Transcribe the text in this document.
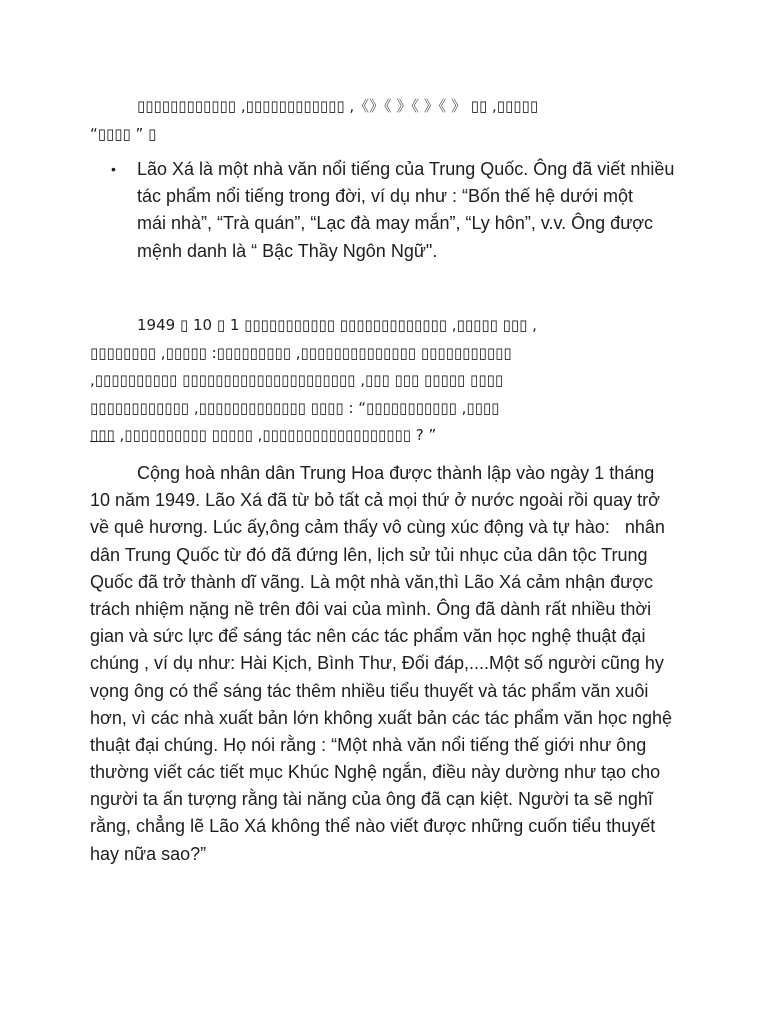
▯▯▯▯▯▯▯▯▯▯▯▯ ,▯▯▯▯▯▯▯▯▯▯▯▯ ,《》《 》《 》《 》 ▯▯ ,▯▯▯▯▯
“▯▯▯▯ ” ▯
• Lão Xá là một nhà văn nổi tiếng của Trung Quốc. Ông đã viết nhiều
tác phẩm nổi tiếng trong đời, ví dụ như : “Bốn thế hệ dưới một
mái nhà”, “Trà quán”, “Lạc đà may mắn”, “Ly hôn”, v.v. Ông được
mệnh danh là “ Bậc Thầy Ngôn Ngữ".
1949 ▯ 10 ▯ 1 ▯▯▯▯▯▯▯▯▯▯▯ ▯▯▯▯▯▯▯▯▯▯▯▯▯ ,▯▯▯▯▯ ▯▯▯ ,
▯▯▯▯▯▯▯▯ ,▯▯▯▯▯ :▯▯▯▯▯▯▯▯▯ ,▯▯▯▯▯▯▯▯▯▯▯▯▯▯ ▯▯▯▯▯▯▯▯▯▯▯
,▯▯▯▯▯▯▯▯▯▯ ▯▯▯▯▯▯▯▯▯▯▯▯▯▯▯▯▯▯▯▯▯ ,▯▯▯ ▯▯▯ ▯▯▯▯▯ ▯▯▯▯
▯▯▯▯▯▯▯▯▯▯▯▯ ,▯▯▯▯▯▯▯▯▯▯▯▯▯ ▯▯▯▯ : “▯▯▯▯▯▯▯▯▯▯▯ ,▯▯▯▯
▯▯▯ ,▯▯▯▯▯▯▯▯▯▯ ▯▯▯▯▯ ,▯▯▯▯▯▯▯▯▯▯▯▯▯▯▯▯▯▯ ? ”
Cộng hoà nhân dân Trung Hoa được thành lập vào ngày 1 tháng
10 năm 1949. Lão Xá đã từ bỏ tất cả mọi thứ ở nước ngoài rồi quay trở
về quê hương. Lúc ấy,ông cảm thấy vô cùng xúc động và tự hào:   nhân
dân Trung Quốc từ đó đã đứng lên, lịch sử tủi nhục của dân tộc Trung
Quốc đã trở thành dĩ vãng. Là một nhà văn,thì Lão Xá cảm nhận được
trách nhiệm nặng nề trên đôi vai của mình. Ông đã dành rất nhiều thời
gian và sức lực để sáng tác nên các tác phẩm văn học nghệ thuật đại
chúng , ví dụ như: Hài Kịch, Bình Thư, Đối đáp,....Một số người cũng hy
vọng ông có thể sáng tác thêm nhiều tiểu thuyết và tác phẩm văn xuôi
hơn, vì các nhà xuất bản lớn không xuất bản các tác phẩm văn học nghệ
thuật đại chúng. Họ nói rằng : “Một nhà văn nổi tiếng thế giới như ông
thường viết các tiết mục Khúc Nghệ ngắn, điều này dường như tạo cho
người ta ấn tượng rằng tài năng của ông đã cạn kiệt. Người ta sẽ nghĩ
rằng, chẳng lẽ Lão Xá không thể nào viết được những cuốn tiểu thuyết
hay nữa sao?”
